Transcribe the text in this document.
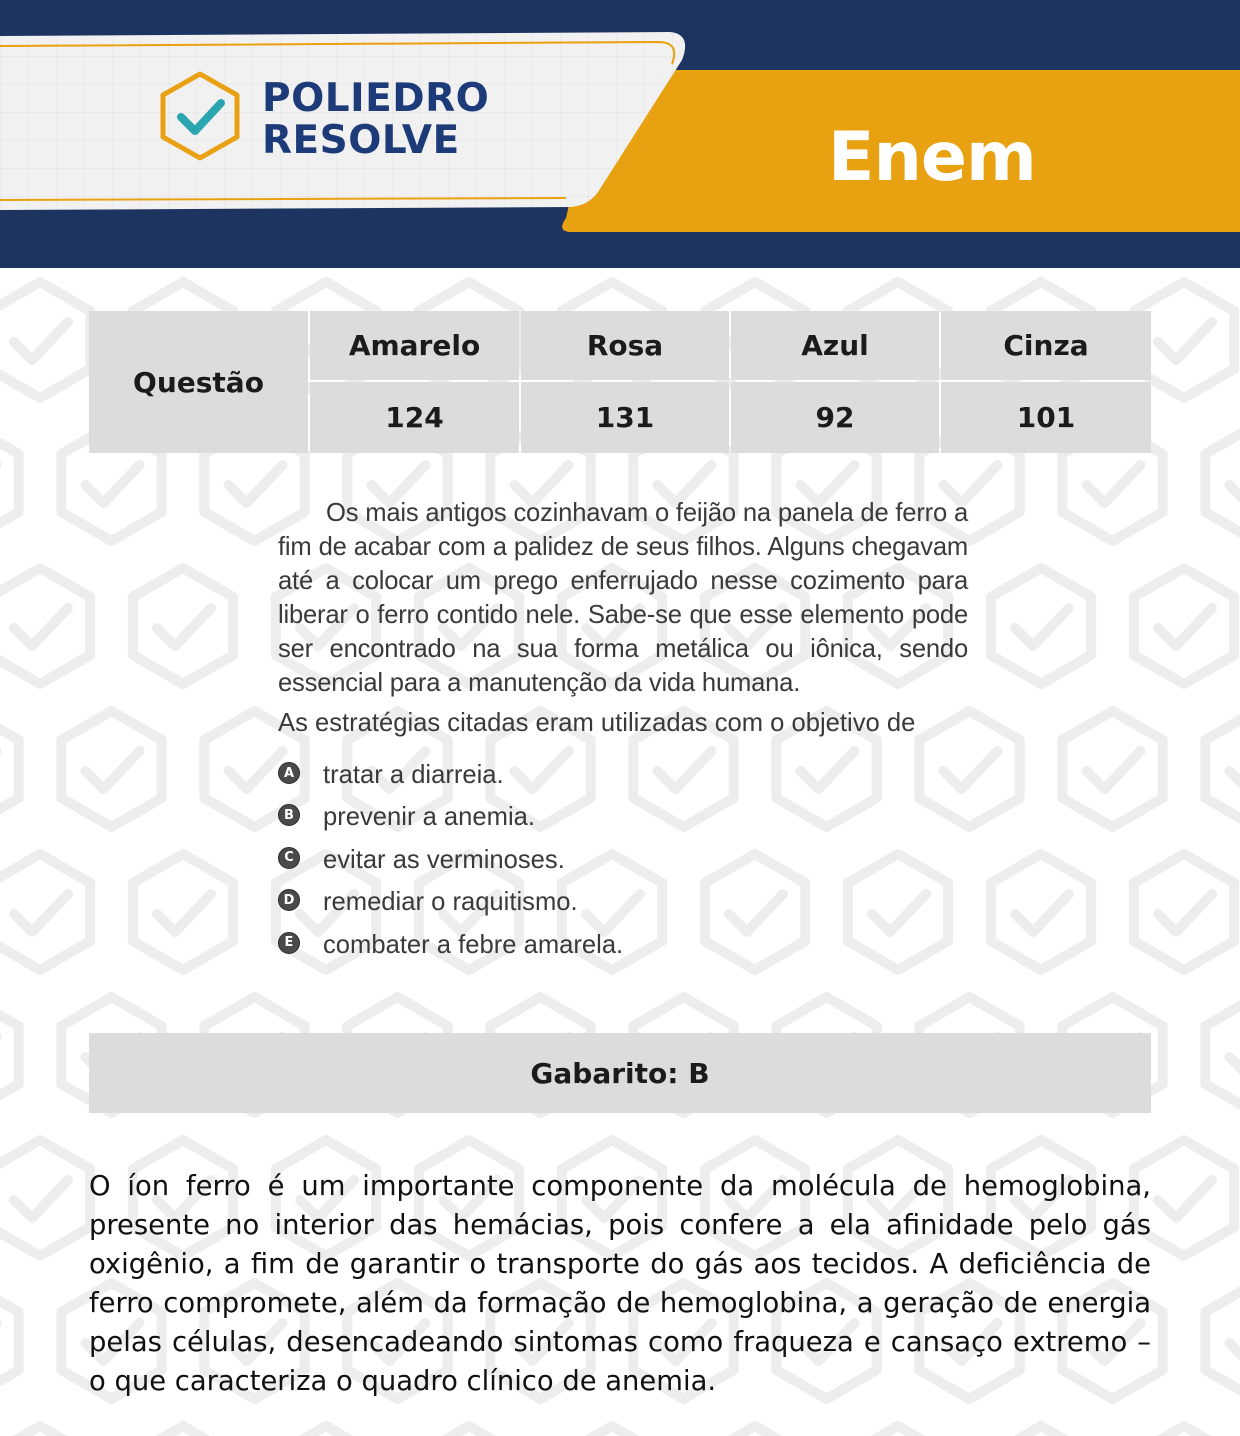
POLIEDRO
RESOLVE	Enem
Questão
Amarelo	Rosa	Azul	Cinza
124	131	92	101

Os mais antigos cozinhavam o feijão na panela de ferro a fim de acabar com a palidez de seus filhos. Alguns chegavam até a colocar um prego enferrujado nesse cozimento para liberar o ferro contido nele. Sabe-se que esse elemento pode ser encontrado na sua forma metálica ou iônica, sendo essencial para a manutenção da vida humana.

As estratégias citadas eram utilizadas com o objetivo de

A tratar a diarreia.
B prevenir a anemia.
C evitar as verminoses.
D remediar o raquitismo.
E combater a febre amarela.
Gabarito: B

O íon ferro é um importante componente da molécula de hemoglobina, presente no interior das hemácias, pois confere a ela afinidade pelo gás oxigênio, a fim de garantir o transporte do gás aos tecidos. A deficiência de ferro compromete, além da formação de hemoglobina, a geração de energia pelas células, desencadeando sintomas como fraqueza e cansaço extremo – o que caracteriza o quadro clínico de anemia.
